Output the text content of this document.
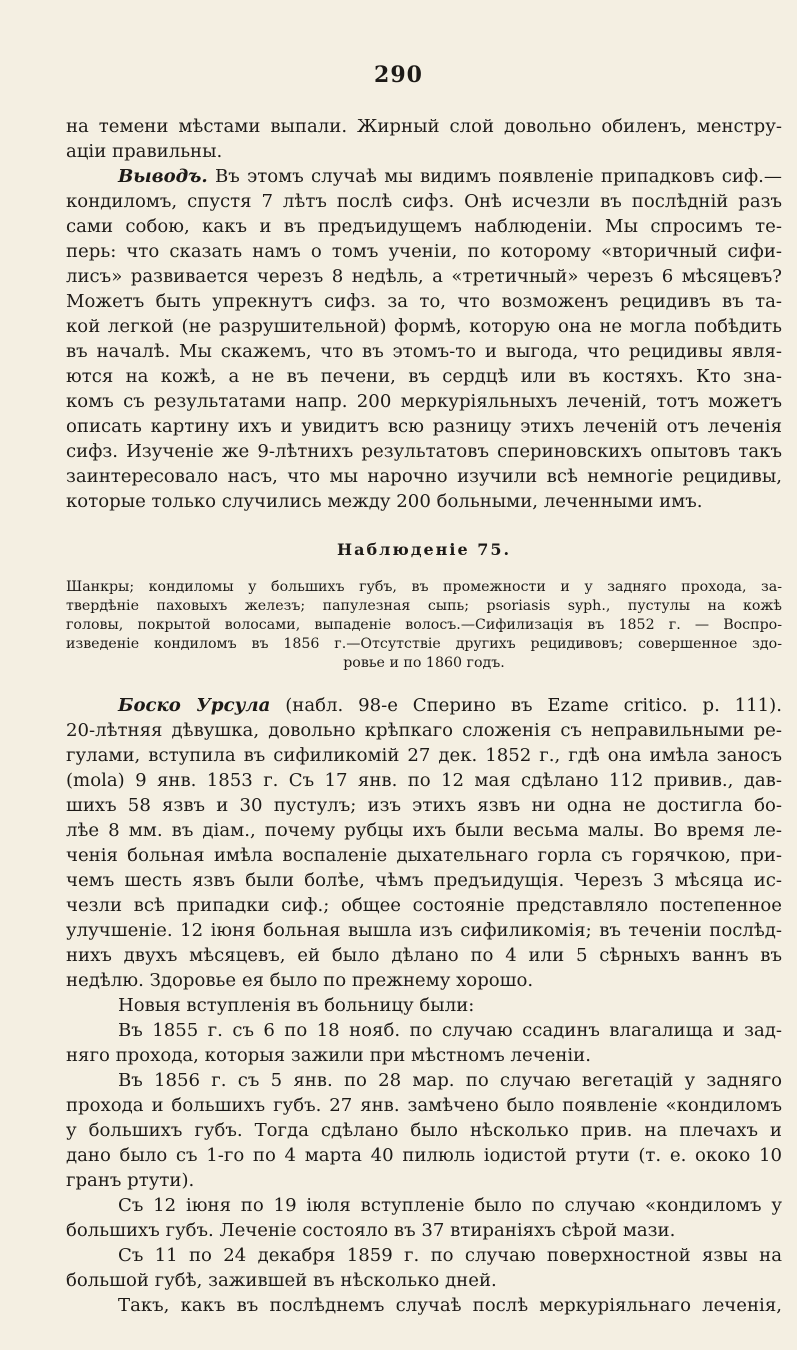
290
на темени мѣстами выпали. Жирный слой довольно обиленъ, менстру-
аціи правильны.
Выводъ. Въ этомъ случаѣ мы видимъ появленіе припадковъ сиф.—
кондиломъ, спустя 7 лѣтъ послѣ сифз. Онѣ исчезли въ послѣдній разъ
сами собою, какъ и въ предъидущемъ наблюденіи. Мы спросимъ те-
перь: что сказать намъ о томъ ученіи, по которому «вторичный сифи-
лисъ» развивается черезъ 8 недѣль, а «третичный» черезъ 6 мѣсяцевъ?
Можетъ быть упрекнутъ сифз. за то, что возможенъ рецидивъ въ та-
кой легкой (не разрушительной) формѣ, которую она не могла побѣдить
въ началѣ. Мы скажемъ, что въ этомъ-то и выгода, что рецидивы явля-
ются на кожѣ, а не въ печени, въ сердцѣ или въ костяхъ. Кто зна-
комъ съ результатами напр. 200 меркуріяльныхъ леченій, тотъ можетъ
описать картину ихъ и увидитъ всю разницу этихъ леченій отъ леченія
сифз. Изученіе же 9-лѣтнихъ результатовъ спериновскихъ опытовъ такъ
заинтересовало насъ, что мы нарочно изучили всѣ немногіе рецидивы,
которые только случились между 200 больными, леченными имъ.
Наблюденіе 75.
Шанкры; кондиломы у большихъ губъ, въ промежности и у задняго прохода, за-
твердѣніе паховыхъ железъ; папулезная сыпь; psoriasis syph., пустулы на кожѣ
головы, покрытой волосами, выпаденіе волосъ.—Сифилизація въ 1852 г. — Воспро-
изведеніе кондиломъ въ 1856 г.—Отсутствіе другихъ рецидивовъ; совершенное здо-
ровье и по 1860 годъ.
Боско Урсула (набл. 98-е Сперино въ Ezame critico. p. 111).
20-лѣтняя дѣвушка, довольно крѣпкаго сложенія съ неправильными ре-
гулами, вступила въ сифиликомій 27 дек. 1852 г., гдѣ она имѣла заносъ
(mola) 9 янв. 1853 г. Съ 17 янв. по 12 мая сдѣлано 112 привив., дав-
шихъ 58 язвъ и 30 пустулъ; изъ этихъ язвъ ни одна не достигла бо-
лѣе 8 мм. въ діам., почему рубцы ихъ были весьма малы. Во время ле-
ченія больная имѣла воспаленіе дыхательнаго горла съ горячкою, при-
чемъ шесть язвъ были болѣе, чѣмъ предъидущія. Черезъ 3 мѣсяца ис-
чезли всѣ припадки сиф.; общее состояніе представляло постепенное
улучшеніе. 12 іюня больная вышла изъ сифиликомія; въ теченіи послѣд-
нихъ двухъ мѣсяцевъ, ей было дѣлано по 4 или 5 сѣрныхъ ваннъ въ
недѣлю. Здоровье ея было по прежнему хорошо.
Новыя вступленія въ больницу были:
Въ 1855 г. съ 6 по 18 нояб. по случаю ссадинъ влагалища и зад-
няго прохода, которыя зажили при мѣстномъ леченіи.
Въ 1856 г. съ 5 янв. по 28 мар. по случаю вегетацій у задняго
прохода и большихъ губъ. 27 янв. замѣчено было появленіе «кондиломъ
у большихъ губъ. Тогда сдѣлано было нѣсколько прив. на плечахъ и
дано было съ 1-го по 4 марта 40 пилюль іодистой ртути (т. е. ококо 10
гранъ ртути).
Съ 12 іюня по 19 іюля вступленіе было по случаю «кондиломъ у
большихъ губъ. Леченіе состояло въ 37 втираніяхъ сѣрой мази.
Съ 11 по 24 декабря 1859 г. по случаю поверхностной язвы на
большой губѣ, зажившей въ нѣсколько дней.
Такъ, какъ въ послѣднемъ случаѣ послѣ меркуріяльнаго леченія,
